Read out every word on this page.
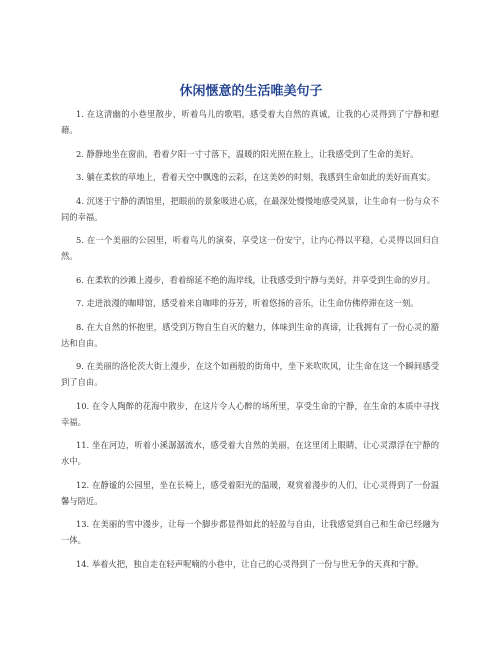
休闲惬意的生活唯美句子
1. 在这清幽的小巷里散步，听着鸟儿的歌唱，感受着大自然的真诚，让我的心灵得到了宁静和慰藉。
2. 静静地坐在窗前，看着夕阳一寸寸落下，温暖的阳光照在脸上，让我感受到了生命的美好。
3. 躺在柔软的草地上，看着天空中飘逸的云彩，在这美妙的时刻，我感到生命如此的美好而真实。
4. 沉迷于宁静的酒馆里，把眼前的景象吸进心底，在最深处慢慢地感受风景，让生命有一份与众不同的幸福。
5. 在一个美丽的公园里，听着鸟儿的演奏，享受这一份安宁，让内心得以平稳，心灵得以回归自然。
6. 在柔软的沙滩上漫步，看着绵延不绝的海岸线，让我感受到宁静与美好，并享受到生命的岁月。
7. 走进浪漫的咖啡馆，感受着来自咖啡的芬芳，听着悠扬的音乐，让生命仿佛停滞在这一刻。
8. 在大自然的怀抱里，感受到万物自生自灭的魅力，体味到生命的真谛，让我拥有了一份心灵的豁达和自由。
9. 在美丽的洛伦茨大街上漫步，在这个如画般的街角中，坐下来吹吹风，让生命在这一个瞬间感受到了自由。
10. 在令人陶醉的花海中散步，在这片令人心醉的场所里，享受生命的宁静，在生命的本质中寻找幸福。
11. 坐在河边，听着小溪潺潺流水，感受着大自然的美丽，在这里闭上眼睛，让心灵漂浮在宁静的水中。
12. 在静谧的公园里，坐在长椅上，感受着阳光的温暖，观赏着漫步的人们，让心灵得到了一份温馨与陪近。
13. 在美丽的雪中漫步，让每一个脚步都显得如此的轻盈与自由，让我感觉到自己和生命已经融为一体。
14. 举着火把，独自走在轻声呢喃的小巷中，让自己的心灵得到了一份与世无争的天真和宁静。
